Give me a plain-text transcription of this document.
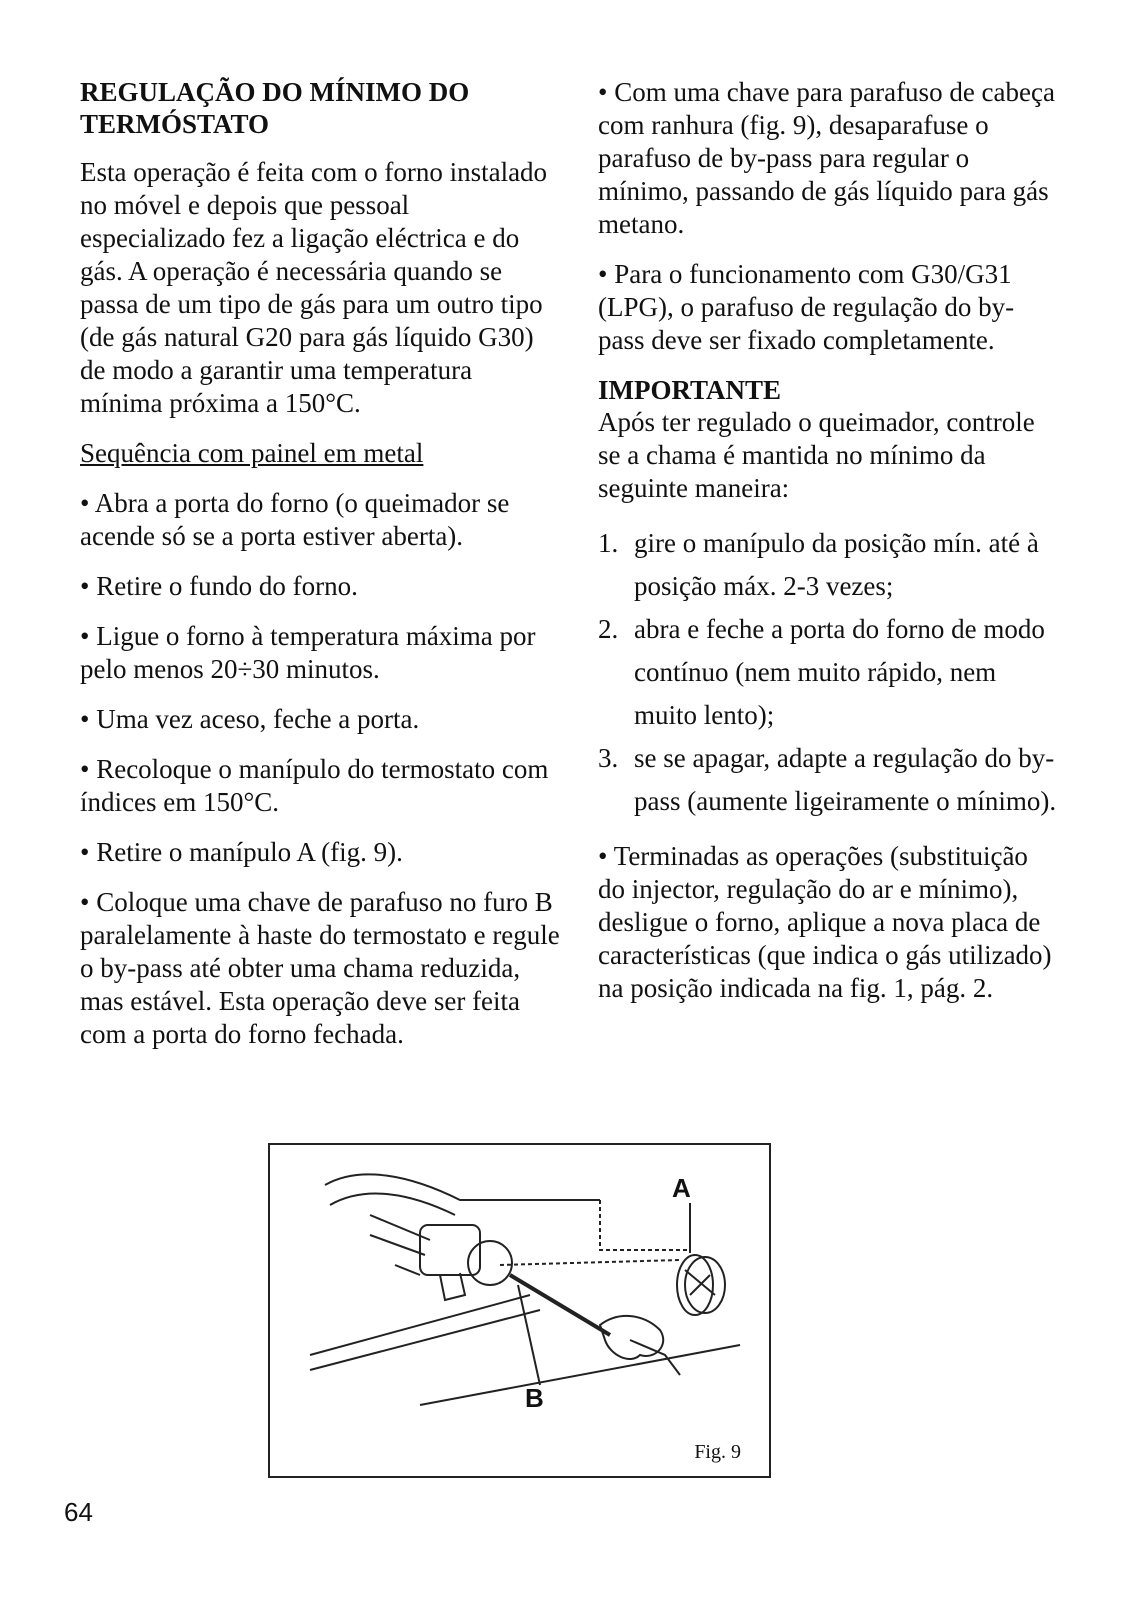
REGULAÇÃO DO MÍNIMO DO TERMÓSTATO

Esta operação é feita com o forno instalado no móvel e depois que pessoal especializado fez a ligação eléctrica e do gás. A operação é necessária quando se passa de um tipo de gás para um outro tipo (de gás natural G20 para gás líquido G30) de modo a garantir uma temperatura mínima próxima a 150°C.

Sequência com painel em metal

• Abra a porta do forno (o queimador se acende só se a porta estiver aberta).

• Retire o fundo do forno.

• Ligue o forno à temperatura máxima por pelo menos 20÷30 minutos.

• Uma vez aceso, feche a porta.

• Recoloque o manípulo do termostato com índices em 150°C.

• Retire o manípulo A (fig. 9).

• Coloque uma chave de parafuso no furo B paralelamente à haste do termostato e regule o by-pass até obter uma chama reduzida, mas estável. Esta operação deve ser feita com a porta do forno fechada.

• Com uma chave para parafuso de cabeça com ranhura (fig. 9), desaparafuse o parafuso de by-pass para regular o mínimo, passando de gás líquido para gás metano.

• Para o funcionamento com G30/G31 (LPG), o parafuso de regulação do by-pass deve ser fixado completamente.

IMPORTANTE

Após ter regulado o queimador, controle se a chama é mantida no mínimo da seguinte maneira:

1. gire o manípulo da posição mín. até à posição máx. 2-3 vezes;
2. abra e feche a porta do forno de modo contínuo (nem muito rápido, nem muito lento);
3. se se apagar, adapte a regulação do by-pass (aumente ligeiramente o mínimo).

• Terminadas as operações (substituição do injector, regulação do ar e mínimo), desligue o forno, aplique a nova placa de características (que indica o gás utilizado) na posição indicada na fig. 1, pág. 2.

A
B
Fig. 9
64
